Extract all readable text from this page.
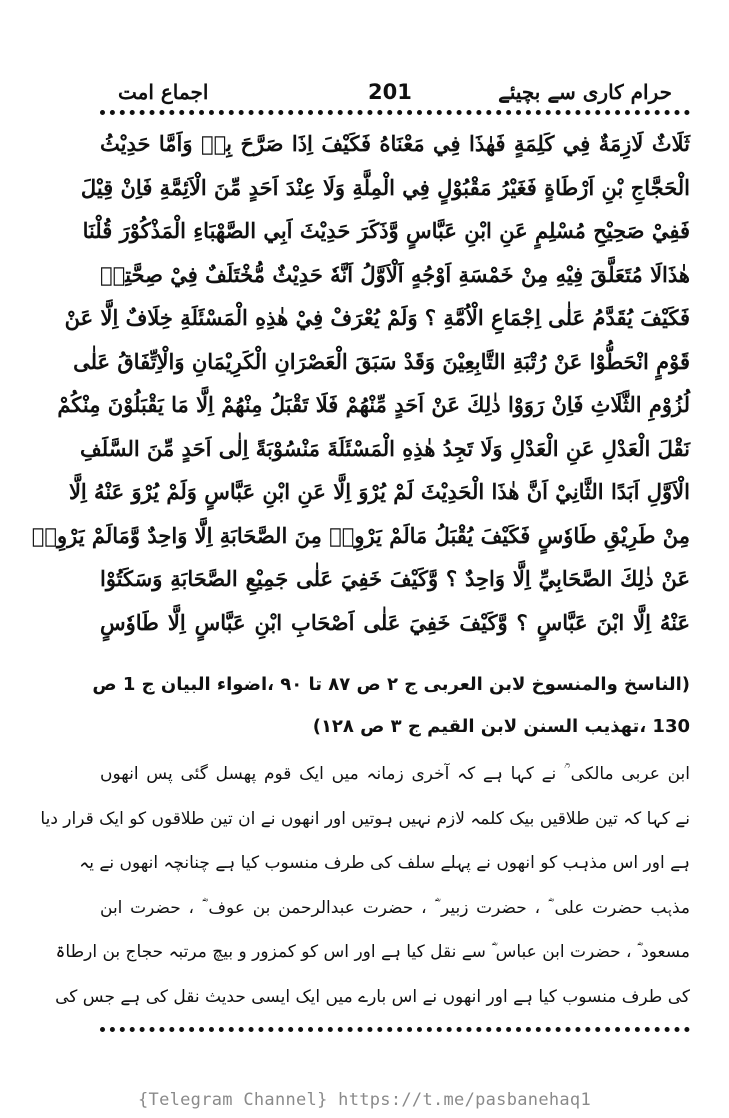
اجماع امت	201	حرام کاری سے بچیئے
ثَلَاثٌ لَازِمَةٌ فِي كَلِمَةٍ فَهٰذَا فِي مَعْنَاهُ فَكَيْفَ اِذَا صَرَّحَ بِهٖ وَاَمَّا حَدِيْثُ
الْحَجَّاجِ بْنِ اَرْطَاةٍ فَغَيْرُ مَقْبُوْلٍ فِي الْمِلَّةِ وَلَا عِنْدَ اَحَدٍ مِّنَ الْاَئِمَّةِ فَاِنْ قِيْلَ
فَفِيْ صَحِيْحِ مُسْلِمٍ عَنِ ابْنِ عَبَّاسٍ وَّذَكَرَ حَدِيْثَ اَبِي الصَّهْبَاءِ الْمَذْكُوْرَ قُلْنَا
هٰذَالَا مُتَعَلَّقَ فِيْهِ مِنْ خَمْسَةِ اَوْجُهٍ اَلْاَوَّلُ اَنَّهٗ حَدِيْثٌ مُّخْتَلَفٌ فِيْ صِحَّتِهٖ
فَكَيْفَ يُقَدَّمُ عَلٰى اِجْمَاعِ الْاُمَّةِ ؟ وَلَمْ يُعْرَفْ فِيْ هٰذِهِ الْمَسْئَلَةِ خِلَافٌ اِلَّا عَنْ
قَوْمٍ انْحَطُّوْا عَنْ رُتْبَةِ التَّابِعِيْنَ وَقَدْ سَبَقَ الْعَصْرَانِ الْكَرِيْمَانِ وَالْاِتِّفَاقُ عَلٰى
لُزُوْمِ الثَّلَاثِ فَاِنْ رَوَوْا ذٰلِكَ عَنْ اَحَدٍ مِّنْهُمْ فَلَا تَقْبَلُ مِنْهُمْ اِلَّا مَا يَقْبَلُوْنَ مِنْكُمْ
نَقْلَ الْعَدْلِ عَنِ الْعَدْلِ وَلَا تَجِدُ هٰذِهِ الْمَسْئَلَةَ مَنْسُوْبَةً اِلٰى اَحَدٍ مِّنَ السَّلَفِ
الْاَوَّلِ اَبَدًا الثَّانِيْ اَنَّ هٰذَا الْحَدِيْثَ لَمْ يُرْوَ اِلَّا عَنِ ابْنِ عَبَّاسٍ وَلَمْ يُرْوَ عَنْهُ اِلَّا
مِنْ طَرِيْقِ طَاوٗسٍ فَكَيْفَ يُقْبَلُ مَالَمْ يَرْوِهٖ مِنَ الصَّحَابَةِ اِلَّا وَاحِدٌ وَّمَالَمْ يَرْوِهٖ
عَنْ ذٰلِكَ الصَّحَابِيِّ اِلَّا وَاحِدٌ ؟ وَّكَيْفَ خَفِيَ عَلٰى جَمِيْعِ الصَّحَابَةِ وَسَكَتُوْا
عَنْهُ اِلَّا ابْنَ عَبَّاسٍ ؟ وَّكَيْفَ خَفِيَ عَلٰى اَصْحَابِ ابْنِ عَبَّاسٍ اِلَّا طَاوٗسٍ
(الناسخ والمنسوخ لابن العربی ج ۲ ص ۸۷ تا ۹۰ ،اضواء البیان ج 1 ص
130 ،تهذیب السنن لابن القیم ج ۳ ص ۱۲۸)
ابن عربی مالکی ؒ نے کہا ہے کہ آخری زمانہ میں ایک قوم پھسل گئی پس انھوں
نے کہا کہ تین طلاقیں بیک کلمہ لازم نہیں ہوتیں اور انھوں نے ان تین طلاقوں کو ایک قرار دیا
ہے اور اس مذہب کو انھوں نے پہلے سلف کی طرف منسوب کیا ہے چنانچہ انھوں نے یہ
مذہب حضرت علی ؓ ، حضرت زبیر ؓ ، حضرت عبدالرحمن بن عوف ؓ ، حضرت ابن
مسعود ؓ ، حضرت ابن عباس ؓ سے نقل کیا ہے اور اس کو کمزور و بیچ مرتبہ حجاج بن ارطاۃ
کی طرف منسوب کیا ہے اور انھوں نے اس بارے میں ایک ایسی حدیث نقل کی ہے جس کی
{Telegram Channel} https://t.me/pasbanehaq1
